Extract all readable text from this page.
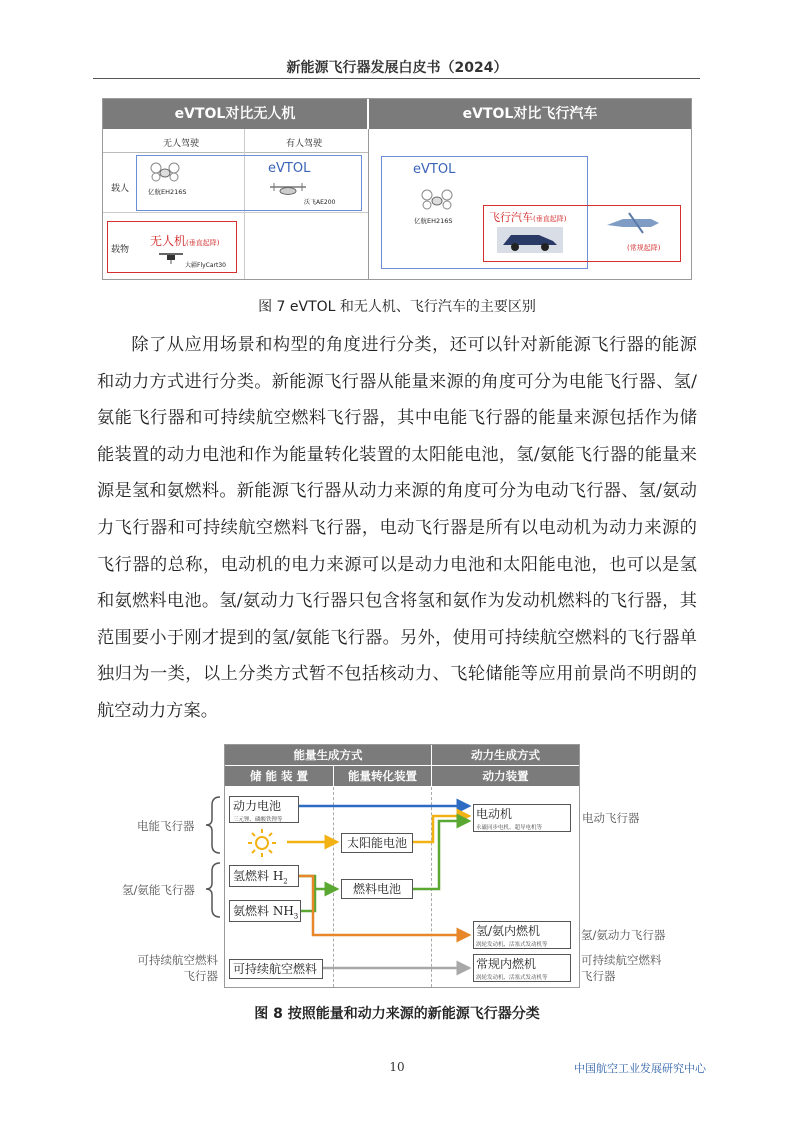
新能源飞行器发展白皮书（2024）
eVTOL对比无人机	eVTOL对比飞行汽车
无人驾驶	有人驾驶
载人
载物
亿航EH216S
eVTOL
沃飞AE200
无人机(垂直起降)
大疆FlyCart30
eVTOL
亿航EH216S	飞行汽车(垂直起降)
(常规起降)
图 7 eVTOL 和无人机、飞行汽车的主要区别

除了从应用场景和构型的角度进行分类，还可以针对新能源飞行器的能源和动力方式进行分类。新能源飞行器从能量来源的角度可分为电能飞行器、氢/氨能飞行器和可持续航空燃料飞行器，其中电能飞行器的能量来源包括作为储能装置的动力电池和作为能量转化装置的太阳能电池，氢/氨能飞行器的能量来源是氢和氨燃料。新能源飞行器从动力来源的角度可分为电动飞行器、氢/氨动力飞行器和可持续航空燃料飞行器，电动飞行器是所有以电动机为动力来源的飞行器的总称，电动机的电力来源可以是动力电池和太阳能电池，也可以是氢和氨燃料电池。氢/氨动力飞行器只包含将氢和氨作为发动机燃料的飞行器，其范围要小于刚才提到的氢/氨能飞行器。另外，使用可持续航空燃料的飞行器单独归为一类，以上分类方式暂不包括核动力、飞轮储能等应用前景尚不明朗的航空动力方案。

能量生成方式	动力生成方式
储 能 装 置	能量转化装置	动力装置
动力电池
三元锂、磷酸铁锂等
太阳能电池
电动机
永磁同步电机、超导电机等
氢燃料 $H_2$
氨燃料 $NH_3$
燃料电池
氢/氨内燃机
涡轮发动机、活塞式发动机等
可持续航空燃料	常规内燃机
涡轮发动机、活塞式发动机等
电能飞行器
氢/氨能飞行器
可持续航空燃料
飞行器
电动飞行器
氢/氨动力飞行器
可持续航空燃料
飞行器
图 8 按照能量和动力来源的新能源飞行器分类
10	中国航空工业发展研究中心
